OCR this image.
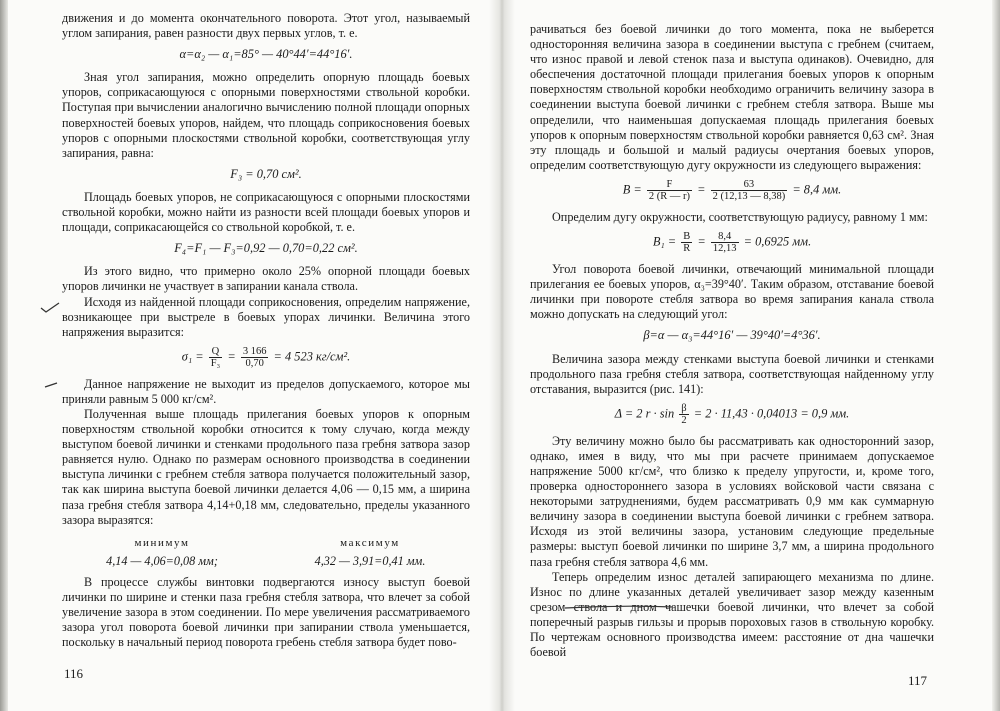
движения и до момента окончательного поворота. Этот угол, называемый углом запирания, равен разности двух первых углов, т. е.

α=α₂ — α₁=85° — 40°44′=44°16′.

Зная угол запирания, можно определить опорную площадь боевых упоров, соприкасающуюся с опорными поверхностями ствольной коробки. Поступая при вычислении аналогично вычислению полной площади опорных поверхностей боевых упоров, найдем, что площадь соприкосновения боевых упоров с опорными плоскостями ствольной коробки, соответствующая углу запирания, равна:

F₃ = 0,70 см².

Площадь боевых упоров, не соприкасающуюся с опорными плоскостями ствольной коробки, можно найти из разности всей площади боевых упоров и площади, соприкасающейся со ствольной коробкой, т. е.

F₄=F₁ — F₃=0,92 — 0,70=0,22 см².

Из этого видно, что примерно около 25% опорной площади боевых упоров личинки не участвует в запирании канала ствола.

Исходя из найденной площади соприкосновения, определим напряжение, возникающее при выстреле в боевых упорах личинки. Величина этого напряжения выразится:

$\sigma_1 = \frac{Q}{\text{F₃}} = \frac{3 166}{0,70} = 4$ 523 кг/см².

Данное напряжение не выходит из пределов допускаемого, которое мы приняли равным 5 000 кг/см².

Полученная выше площадь прилегания боевых упоров к опорным поверхностям ствольной коробки относится к тому случаю, когда между выступом боевой личинки и стенками продольного паза гребня затвора зазор равняется нулю. Однако по размерам основного производства в соединении выступа личинки с гребнем стебля затвора получается положительный зазор, так как ширина выступа боевой личинки делается 4,06 — 0,15 мм, а ширина паза гребня стебля затвора 4,14+0,18 мм, следовательно, пределы указанного зазора выразятся:

минимум
4,14 — 4,06=0,08 мм;
максимум
4,32 — 3,91=0,41 мм.

В процессе службы винтовки подвергаются износу выступ боевой личинки по ширине и стенки паза гребня стебля затвора, что влечет за собой увеличение зазора в этом соединении. По мере увеличения рассматриваемого зазора угол поворота боевой личинки при запирании ствола уменьшается, поскольку в начальный период поворота гребень стебля затвора будет пово-

116

рачиваться без боевой личинки до того момента, пока не выберется односторонняя величина зазора в соединении выступа с гребнем (считаем, что износ правой и левой стенок паза и выступа одинаков). Очевидно, для обеспечения достаточной площади прилегания боевых упоров к опорным поверхностям ствольной коробки необходимо ограничить величину зазора в соединении выступа боевой личинки с гребнем стебля затвора. Выше мы определили, что наименьшая допускаемая площадь прилегания боевых упоров к опорным поверхностям ствольной коробки равняется 0,63 см². Зная эту площадь и большой и малый радиусы очертания боевых упоров, определим соответствующую дугу окружности из следующего выражения:

$B = \frac{F}{2 (R — r)} = \frac{63}{2 (12,13 — 8,38)} = 8,4$ мм.

Определим дугу окружности, соответствующую радиусу, равному 1 мм:

$B_1 = \frac{B}{R} = \frac{8,4}{12,13} = 0,6925$ мм.

Угол поворота боевой личинки, отвечающий минимальной площади прилегания ее боевых упоров, α₃=39°40′. Таким образом, отставание боевой личинки при повороте стебля затвора во время запирания канала ствола можно допускать на следующий угол:

β=α — α₃=44°16′ — 39°40′=4°36′.

Величина зазора между стенками выступа боевой личинки и стенками продольного паза гребня стебля затвора, соответствующая найденному углу отставания, выразится (рис. 141):

Δ = 2 $r \cdot \sin \frac{\beta}{2} = 2 \cdot 11,43 \cdot 0,04013 = 0,9$ мм.

Эту величину можно было бы рассматривать как односторонний зазор, однако, имея в виду, что мы при расчете принимаем допускаемое напряжение 5000 кг/см², что близко к пределу упругости, и, кроме того, проверка одностороннего зазора в условиях войсковой части связана с некоторыми затруднениями, будем рассматривать 0,9 мм как суммарную величину зазора в соединении выступа боевой личинки с гребнем затвора. Исходя из этой величины зазора, установим следующие предельные размеры: выступ боевой личинки по ширине 3,7 мм, а ширина продольного паза гребня стебля затвора 4,6 мм.

Теперь определим износ деталей запирающего механизма по длине. Износ по длине указанных деталей увеличивает зазор между казенным срезом ствола и дном чашечки боевой личинки, что влечет за собой поперечный разрыв гильзы и прорыв пороховых газов в ствольную коробку. По чертежам основного производства имеем: расстояние от дна чашечки боевой

117
